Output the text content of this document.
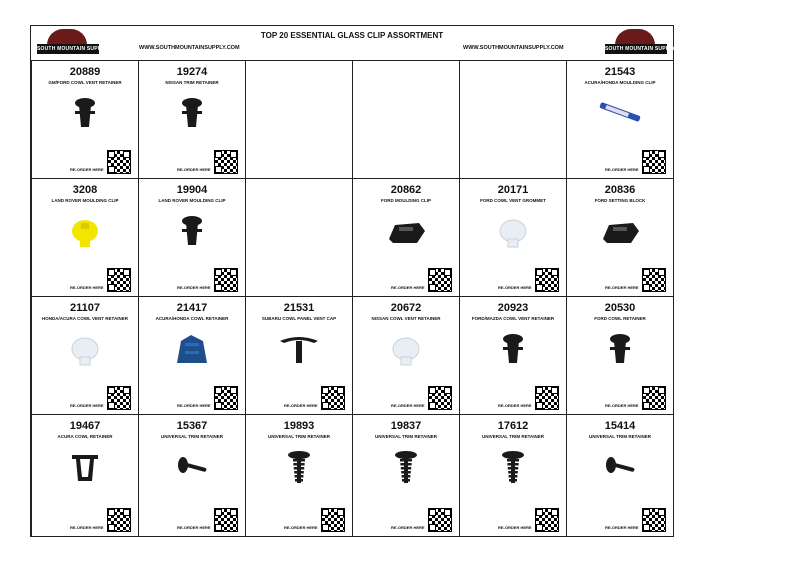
SOUTH MOUNTAIN SUPPLY
TOP 20 ESSENTIAL GLASS CLIP ASSORTMENT
WWW.SOUTHMOUNTAINSUPPLY.COM	WWW.SOUTHMOUNTAINSUPPLY.COM	SOUTH MOUNTAIN SUPPLY
20889
GM/FORD COWL VENT RETAINER
RE-ORDER HERE
19274
NISSAN TRIM RETAINER
RE-ORDER HERE
21543
ACURA/HONDA MOULDING CLIP
RE-ORDER HERE
3208
LAND ROVER MOULDING CLIP
RE-ORDER HERE
19904
LAND ROVER MOULDING CLIP
RE-ORDER HERE
20862
FORD MOULDING CLIP
RE-ORDER HERE
20171
FORD COWL VENT GROMMET
RE-ORDER HERE
20836
FORD SETTING BLOCK
RE-ORDER HERE
21107
HONDA/ACURA COWL VENT RETAINER
RE-ORDER HERE
21417
ACURA/HONDA COWL RETAINER
RE-ORDER HERE
21531
SUBARU COWL PANEL VENT CAP
RE-ORDER HERE
20672
NISSAN COWL VENT RETAINER
RE-ORDER HERE
20923
FORD/MAZDA COWL VENT RETAINER
RE-ORDER HERE
20530
FORD COWL RETAINER
RE-ORDER HERE
19467
ACURA COWL RETAINER
RE-ORDER HERE
15367
UNIVERSAL TRIM RETAINER
RE-ORDER HERE
19893
UNIVERSAL TRIM RETAINER
RE-ORDER HERE
19837
UNIVERSAL TRIM RETAINER
RE-ORDER HERE
17612
UNIVERSAL TRIM RETAINER
RE-ORDER HERE
15414
UNIVERSAL TRIM RETAINER
RE-ORDER HERE
